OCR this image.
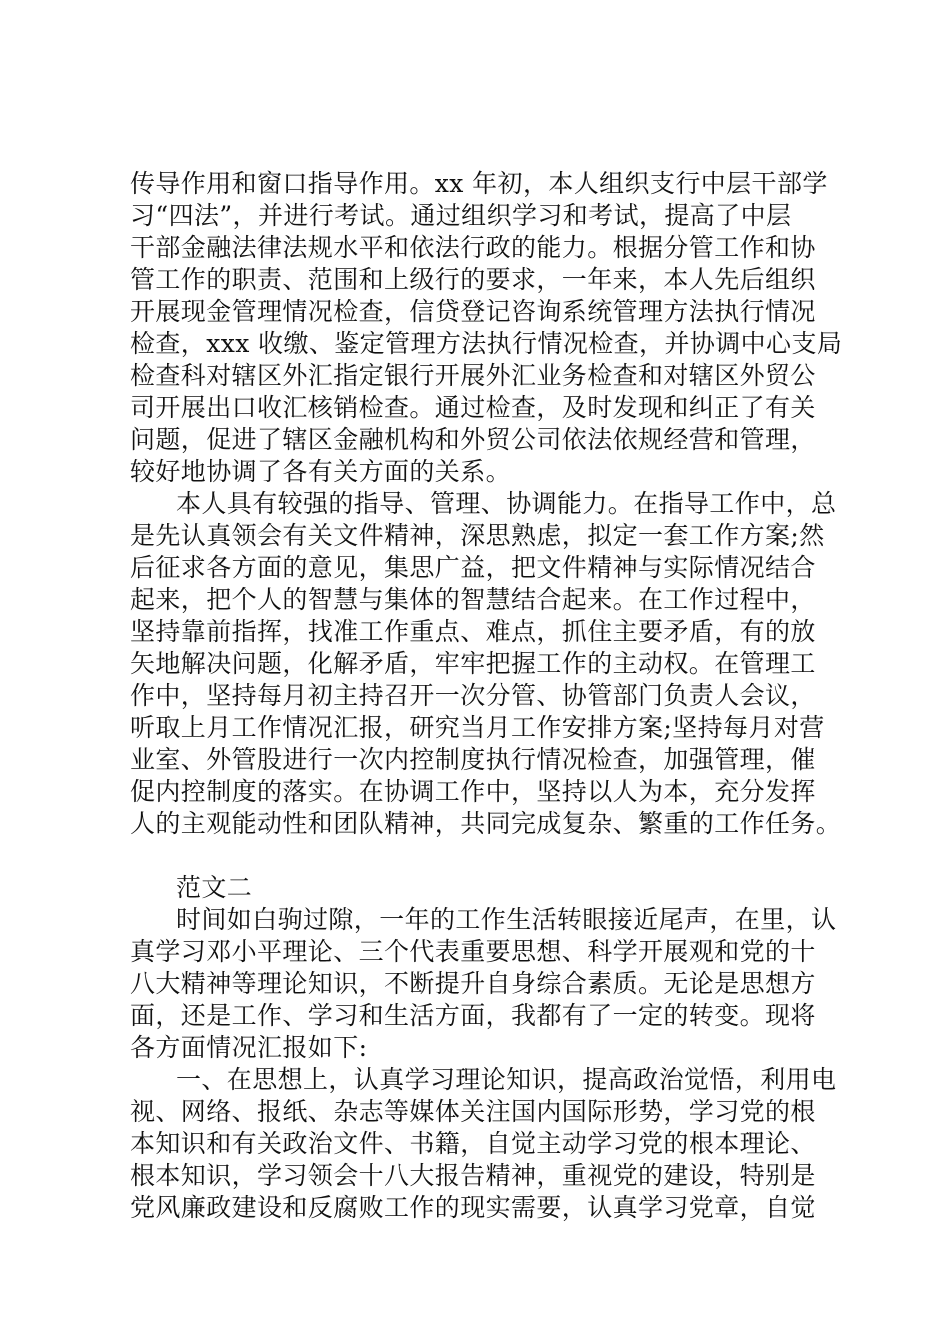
传导作用和窗口指导作用。xx 年初，本人组织支行中层干部学
习“四法”，并进行考试。通过组织学习和考试，提高了中层
干部金融法律法规水平和依法行政的能力。根据分管工作和协
管工作的职责、范围和上级行的要求，一年来，本人先后组织
开展现金管理情况检查，信贷登记咨询系统管理方法执行情况
检查，xxx 收缴、鉴定管理方法执行情况检查，并协调中心支局
检查科对辖区外汇指定银行开展外汇业务检查和对辖区外贸公
司开展出口收汇核销检查。通过检查，及时发现和纠正了有关
问题，促进了辖区金融机构和外贸公司依法依规经营和管理，
较好地协调了各有关方面的关系。
本人具有较强的指导、管理、协调能力。在指导工作中，总
是先认真领会有关文件精神，深思熟虑，拟定一套工作方案;然
后征求各方面的意见，集思广益，把文件精神与实际情况结合
起来，把个人的智慧与集体的智慧结合起来。在工作过程中，
坚持靠前指挥，找准工作重点、难点，抓住主要矛盾，有的放
矢地解决问题，化解矛盾，牢牢把握工作的主动权。在管理工
作中，坚持每月初主持召开一次分管、协管部门负责人会议，
听取上月工作情况汇报，研究当月工作安排方案;坚持每月对营
业室、外管股进行一次内控制度执行情况检查，加强管理，催
促内控制度的落实。在协调工作中，坚持以人为本，充分发挥
人的主观能动性和团队精神，共同完成复杂、繁重的工作任务。
范文二
时间如白驹过隙，一年的工作生活转眼接近尾声，在里，认
真学习邓小平理论、三个代表重要思想、科学开展观和党的十
八大精神等理论知识，不断提升自身综合素质。无论是思想方
面，还是工作、学习和生活方面，我都有了一定的转变。现将
各方面情况汇报如下:
一、在思想上，认真学习理论知识，提高政治觉悟，利用电
视、网络、报纸、杂志等媒体关注国内国际形势，学习党的根
本知识和有关政治文件、书籍，自觉主动学习党的根本理论、
根本知识，学习领会十八大报告精神，重视党的建设，特别是
党风廉政建设和反腐败工作的现实需要，认真学习党章，自觉
